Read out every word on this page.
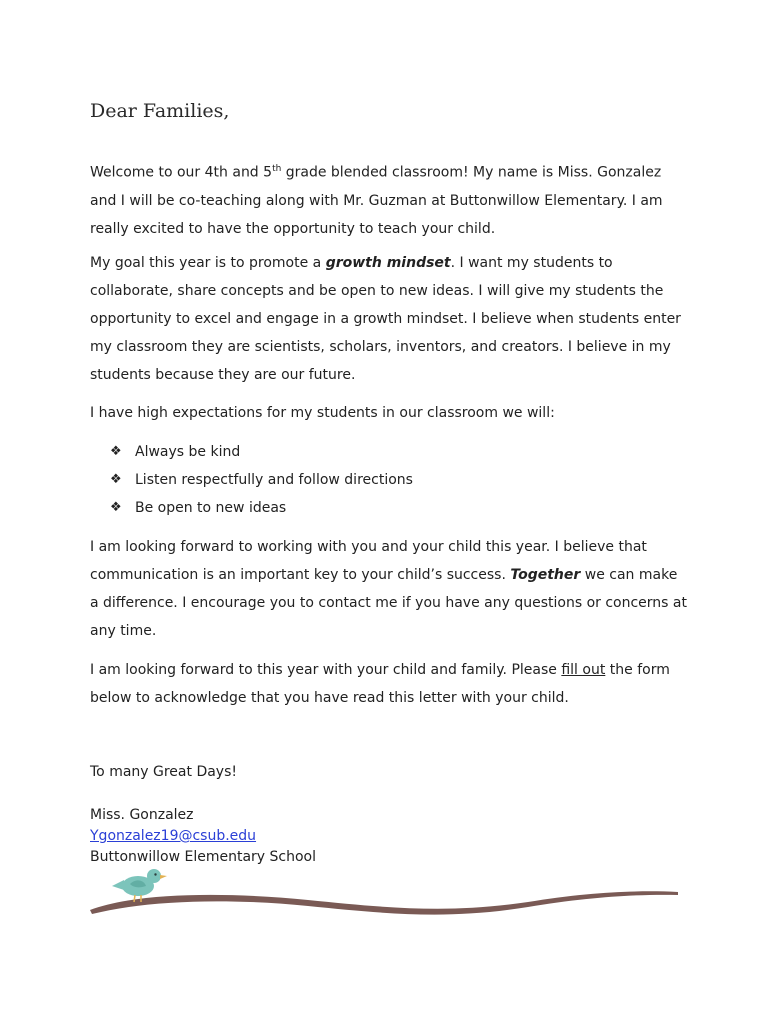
Dear Families,

Welcome to our 4th and 5th grade blended classroom! My name is Miss. Gonzalez and I will be co-teaching along with Mr. Guzman at Buttonwillow Elementary. I am really excited to have the opportunity to teach your child.

My goal this year is to promote a growth mindset. I want my students to collaborate, share concepts and be open to new ideas. I will give my students the opportunity to excel and engage in a growth mindset. I believe when students enter my classroom they are scientists, scholars, inventors, and creators. I believe in my students because they are our future.

I have high expectations for my students in our classroom we will:

❖ Always be kind
❖ Listen respectfully and follow directions
❖ Be open to new ideas

I am looking forward to working with you and your child this year. I believe that communication is an important key to your child’s success. Together we can make a difference. I encourage you to contact me if you have any questions or concerns at any time.

I am looking forward to this year with your child and family. Please fill out the form below to acknowledge that you have read this letter with your child.

To many Great Days!
Miss. Gonzalez
Ygonzalez19@csub.edu
Buttonwillow Elementary School
